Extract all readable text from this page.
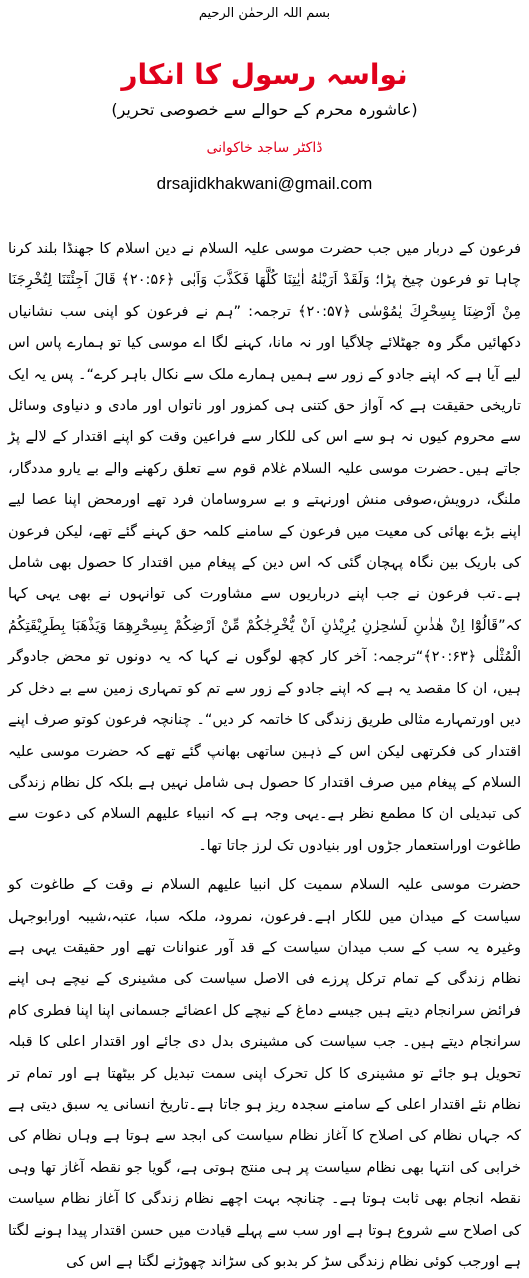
بسم اللہ الرحمٰن الرحیم
نواسہ رسول کا انکار
(عاشورہ محرم کے حوالے سے خصوصی تحریر)
ڈاکٹر ساجد خاکوانی
drsajidkhakwani@gmail.com

فرعون کے دربار میں جب حضرت موسی علیہ السلام نے دین اسلام کا جھنڈا بلند کرنا چاہا تو فرعون چیخ پڑا؛ وَلَقَدْ اَرَيْنٰهُ اٰيٰتِنَا كُلَّهَا فَكَذَّبَ وَاَبٰى ﴿۲۰:۵۶﴾ قَالَ اَجِئْتَنَا لِتُخْرِجَنَا مِنْ اَرْضِنَا بِسِحْرِكَ يٰمُوْسٰى ﴿۲۰:۵۷﴾ ترجمہ: ”ہم نے فرعون کو اپنی سب نشانیاں دکھائیں مگر وہ جھٹلائے چلاگیا اور نہ مانا، کہنے لگا اے موسی کیا تو ہمارے پاس اس لیے آیا ہے کہ اپنے جادو کے زور سے ہمیں ہمارے ملک سے نکال باہر کرے“۔ پس یہ ایک تاریخی حقیقت ہے کہ آواز حق کتنی ہی کمزور اور ناتواں اور مادی و دنیاوی وسائل سے محروم کیوں نہ ہو سے اس کی للکار سے فراعین وقت کو اپنے اقتدار کے لالے پڑ جاتے ہیں۔حضرت موسی علیہ السلام غلام قوم سے تعلق رکھنے والے بے یارو مددگار، ملنگ، درویش،صوفی منش اورنہتے و بے سروسامان فرد تھے اورمحض اپنا عصا لیے اپنے بڑے بھائی کی معیت میں فرعون کے سامنے کلمہ حق کہنے گئے تھے، لیکن فرعون کی باریک بین نگاہ پہچان گئی کہ اس دین کے پیغام میں اقتدار کا حصول بھی شامل ہے۔تب فرعون نے جب اپنے درباریوں سے مشاورت کی توانہوں نے بھی یہی کہا کہ”قَالُوْٓا اِنْ هٰذٰىنِ لَسٰحِرٰنِ يُرِيْدٰنِ اَنْ يُّخْرِجٰكُمْ مِّنْ اَرْضِكُمْ بِسِحْرِهِمَا وَيَذْهَبَا بِطَرِيْقَتِكُمُ الْمُثْلٰى ﴿۲۰:۶۳﴾“ترجمہ: آخر کار کچھ لوگوں نے کہا کہ یہ دونوں تو محض جادوگر ہیں، ان کا مقصد یہ ہے کہ اپنے جادو کے زور سے تم کو تمہاری زمین سے بے دخل کر دیں اورتمہارے مثالی طریق زندگی کا خاتمہ کر دیں“۔ چنانچہ فرعون کوتو صرف اپنے اقتدار کی فکرتھی لیکن اس کے ذہین ساتھی بھانپ گئے تھے کہ حضرت موسی علیہ السلام کے پیغام میں صرف اقتدار کا حصول ہی شامل نہیں ہے بلکہ کل نظام زندگی کی تبدیلی ان کا مطمع نظر ہے۔یہی وجہ ہے کہ انبیاء علیھم السلام کی دعوت سے طاغوت اوراستعمار جڑوں اور بنیادوں تک لرز جاتا تھا۔

حضرت موسی علیہ السلام سمیت کل انبیا علیھم السلام نے وقت کے طاغوت کو سیاست کے میدان میں للکار اہے۔فرعون، نمرود، ملکہ سبا، عتبہ،شیبہ اورابوجہل وغیرہ یہ سب کے سب میدان سیاست کے قد آور عنوانات تھے اور حقیقت یہی ہے نظام زندگی کے تمام ترکل پرزے فی الاصل سیاست کی مشینری کے نیچے ہی اپنے فرائض سرانجام دیتے ہیں جیسے دماغ کے نیچے کل اعضائے جسمانی اپنا اپنا فطری کام سرانجام دیتے ہیں۔ جب سیاست کی مشینری بدل دی جائے اور اقتدار اعلی کا قبلہ تحویل ہو جائے تو مشینری کا کل تحرک اپنی سمت تبدیل کر بیٹھتا ہے اور تمام تر نظام نئے اقتدار اعلی کے سامنے سجدہ ریز ہو جاتا ہے۔تاریخ انسانی یہ سبق دیتی ہے کہ جہاں نظام کی اصلاح کا آغاز نظام سیاست کی ابجد سے ہوتا ہے وہاں نظام کی خرابی کی انتہا بھی نظام سیاست پر ہی منتج ہوتی ہے، گویا جو نقطہ آغاز تھا وہی نقطہ انجام بھی ثابت ہوتا ہے۔ چنانچہ بہت اچھے نظام زندگی کا آغاز نظام سیاست کی اصلاح سے شروع ہوتا ہے اور سب سے پہلے قیادت میں حسن اقتدار پیدا ہونے لگتا ہے اورجب کوئی نظام زندگی سڑ کر بدبو کی سڑاند چھوڑنے لگتا ہے اس کی
